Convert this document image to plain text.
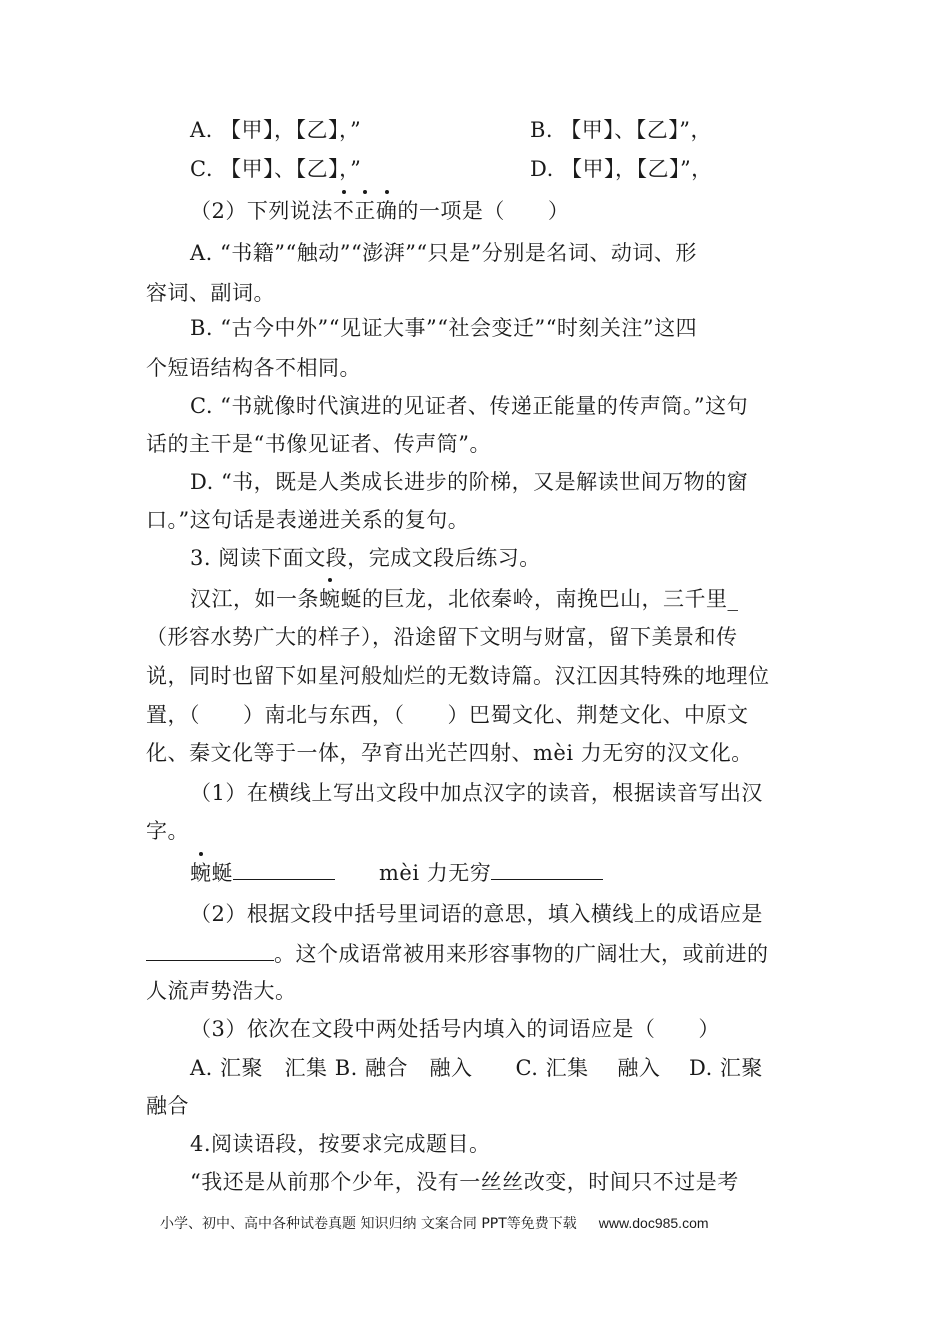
A. 【甲】，【乙】，”	B. 【甲】、【乙】”，
C. 【甲】、【乙】，”	D. 【甲】，【乙】”，
（2）下列说法不正确的一项是（　　）
A. “书籍”“触动”“澎湃”“只是”分别是名词、动词、形
容词、副词。
B. “古今中外”“见证大事”“社会变迁”“时刻关注”这四
个短语结构各不相同。
C. “书就像时代演进的见证者、传递正能量的传声筒。”这句
话的主干是“书像见证者、传声筒”。
D. “书，既是人类成长进步的阶梯，又是解读世间万物的窗
口。”这句话是表递进关系的复句。
3. 阅读下面文段，完成文段后练习。
汉江，如一条蜿蜒的巨龙，北依秦岭，南挽巴山，三千里_
（形容水势广大的样子），沿途留下文明与财富，留下美景和传
说，同时也留下如星河般灿烂的无数诗篇。汉江因其特殊的地理位
置，（　　）南北与东西，（　　）巴蜀文化、荆楚文化、中原文
化、秦文化等于一体，孕育出光芒四射、mèi 力无穷的汉文化。
（1）在横线上写出文段中加点汉字的读音，根据读音写出汉
字。
蜿蜒	mèi 力无穷
（2）根据文段中括号里词语的意思，填入横线上的成语应是
。这个成语常被用来形容事物的广阔壮大，或前进的
人流声势浩大。
（3）依次在文段中两处括号内填入的词语应是（　　）
A. 汇聚　汇集 B. 融合　融入　　C. 汇集　 融入　 D. 汇聚
融合
4.阅读语段，按要求完成题目。
“我还是从前那个少年，没有一丝丝改变，时间只不过是考
小学、初中、高中各种试卷真题 知识归纳 文案合同 PPT等免费下载 www.doc985.com
